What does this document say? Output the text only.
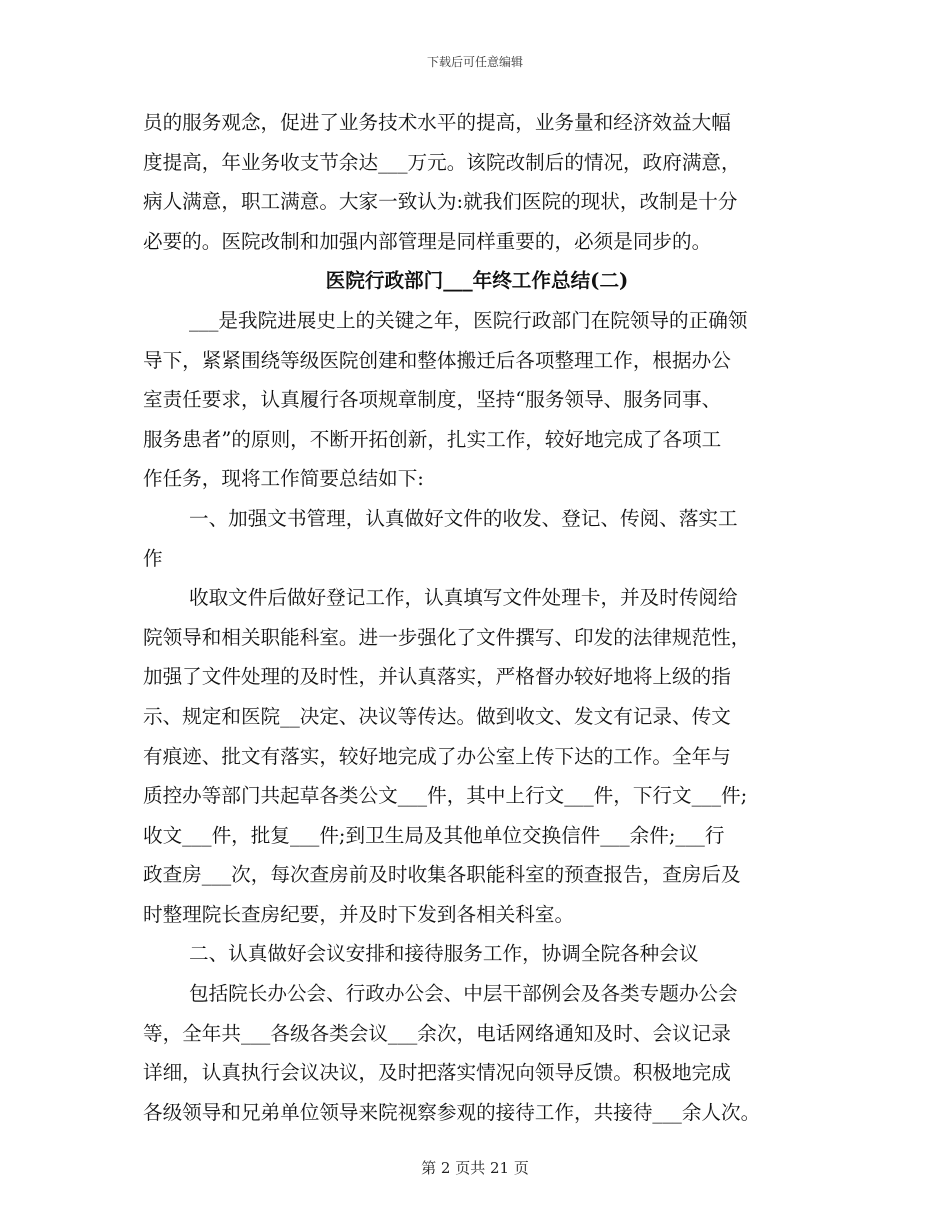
下载后可任意编辑
员的服务观念，促进了业务技术水平的提高，业务量和经济效益大幅
度提高，年业务收支节余达___万元。该院改制后的情况，政府满意，
病人满意，职工满意。大家一致认为:就我们医院的现状，改制是十分
必要的。医院改制和加强内部管理是同样重要的，必须是同步的。
医院行政部门___年终工作总结(二)
___是我院进展史上的关键之年，医院行政部门在院领导的正确领
导下，紧紧围绕等级医院创建和整体搬迁后各项整理工作，根据办公
室责任要求，认真履行各项规章制度，坚持“服务领导、服务同事、
服务患者”的原则，不断开拓创新，扎实工作，较好地完成了各项工
作任务，现将工作简要总结如下:
一、加强文书管理，认真做好文件的收发、登记、传阅、落实工
作
收取文件后做好登记工作，认真填写文件处理卡，并及时传阅给
院领导和相关职能科室。进一步强化了文件撰写、印发的法律规范性，
加强了文件处理的及时性，并认真落实，严格督办较好地将上级的指
示、规定和医院__决定、决议等传达。做到收文、发文有记录、传文
有痕迹、批文有落实，较好地完成了办公室上传下达的工作。全年与
质控办等部门共起草各类公文___件，其中上行文___件，下行文___件;
收文___件，批复___件;到卫生局及其他单位交换信件___余件;___行
政查房___次，每次查房前及时收集各职能科室的预查报告，查房后及
时整理院长查房纪要，并及时下发到各相关科室。
二、认真做好会议安排和接待服务工作，协调全院各种会议
包括院长办公会、行政办公会、中层干部例会及各类专题办公会
等，全年共___各级各类会议___余次，电话网络通知及时、会议记录
详细，认真执行会议决议，及时把落实情况向领导反馈。积极地完成
各级领导和兄弟单位领导来院视察参观的接待工作，共接待___余人次。
第 2 页共 21 页
